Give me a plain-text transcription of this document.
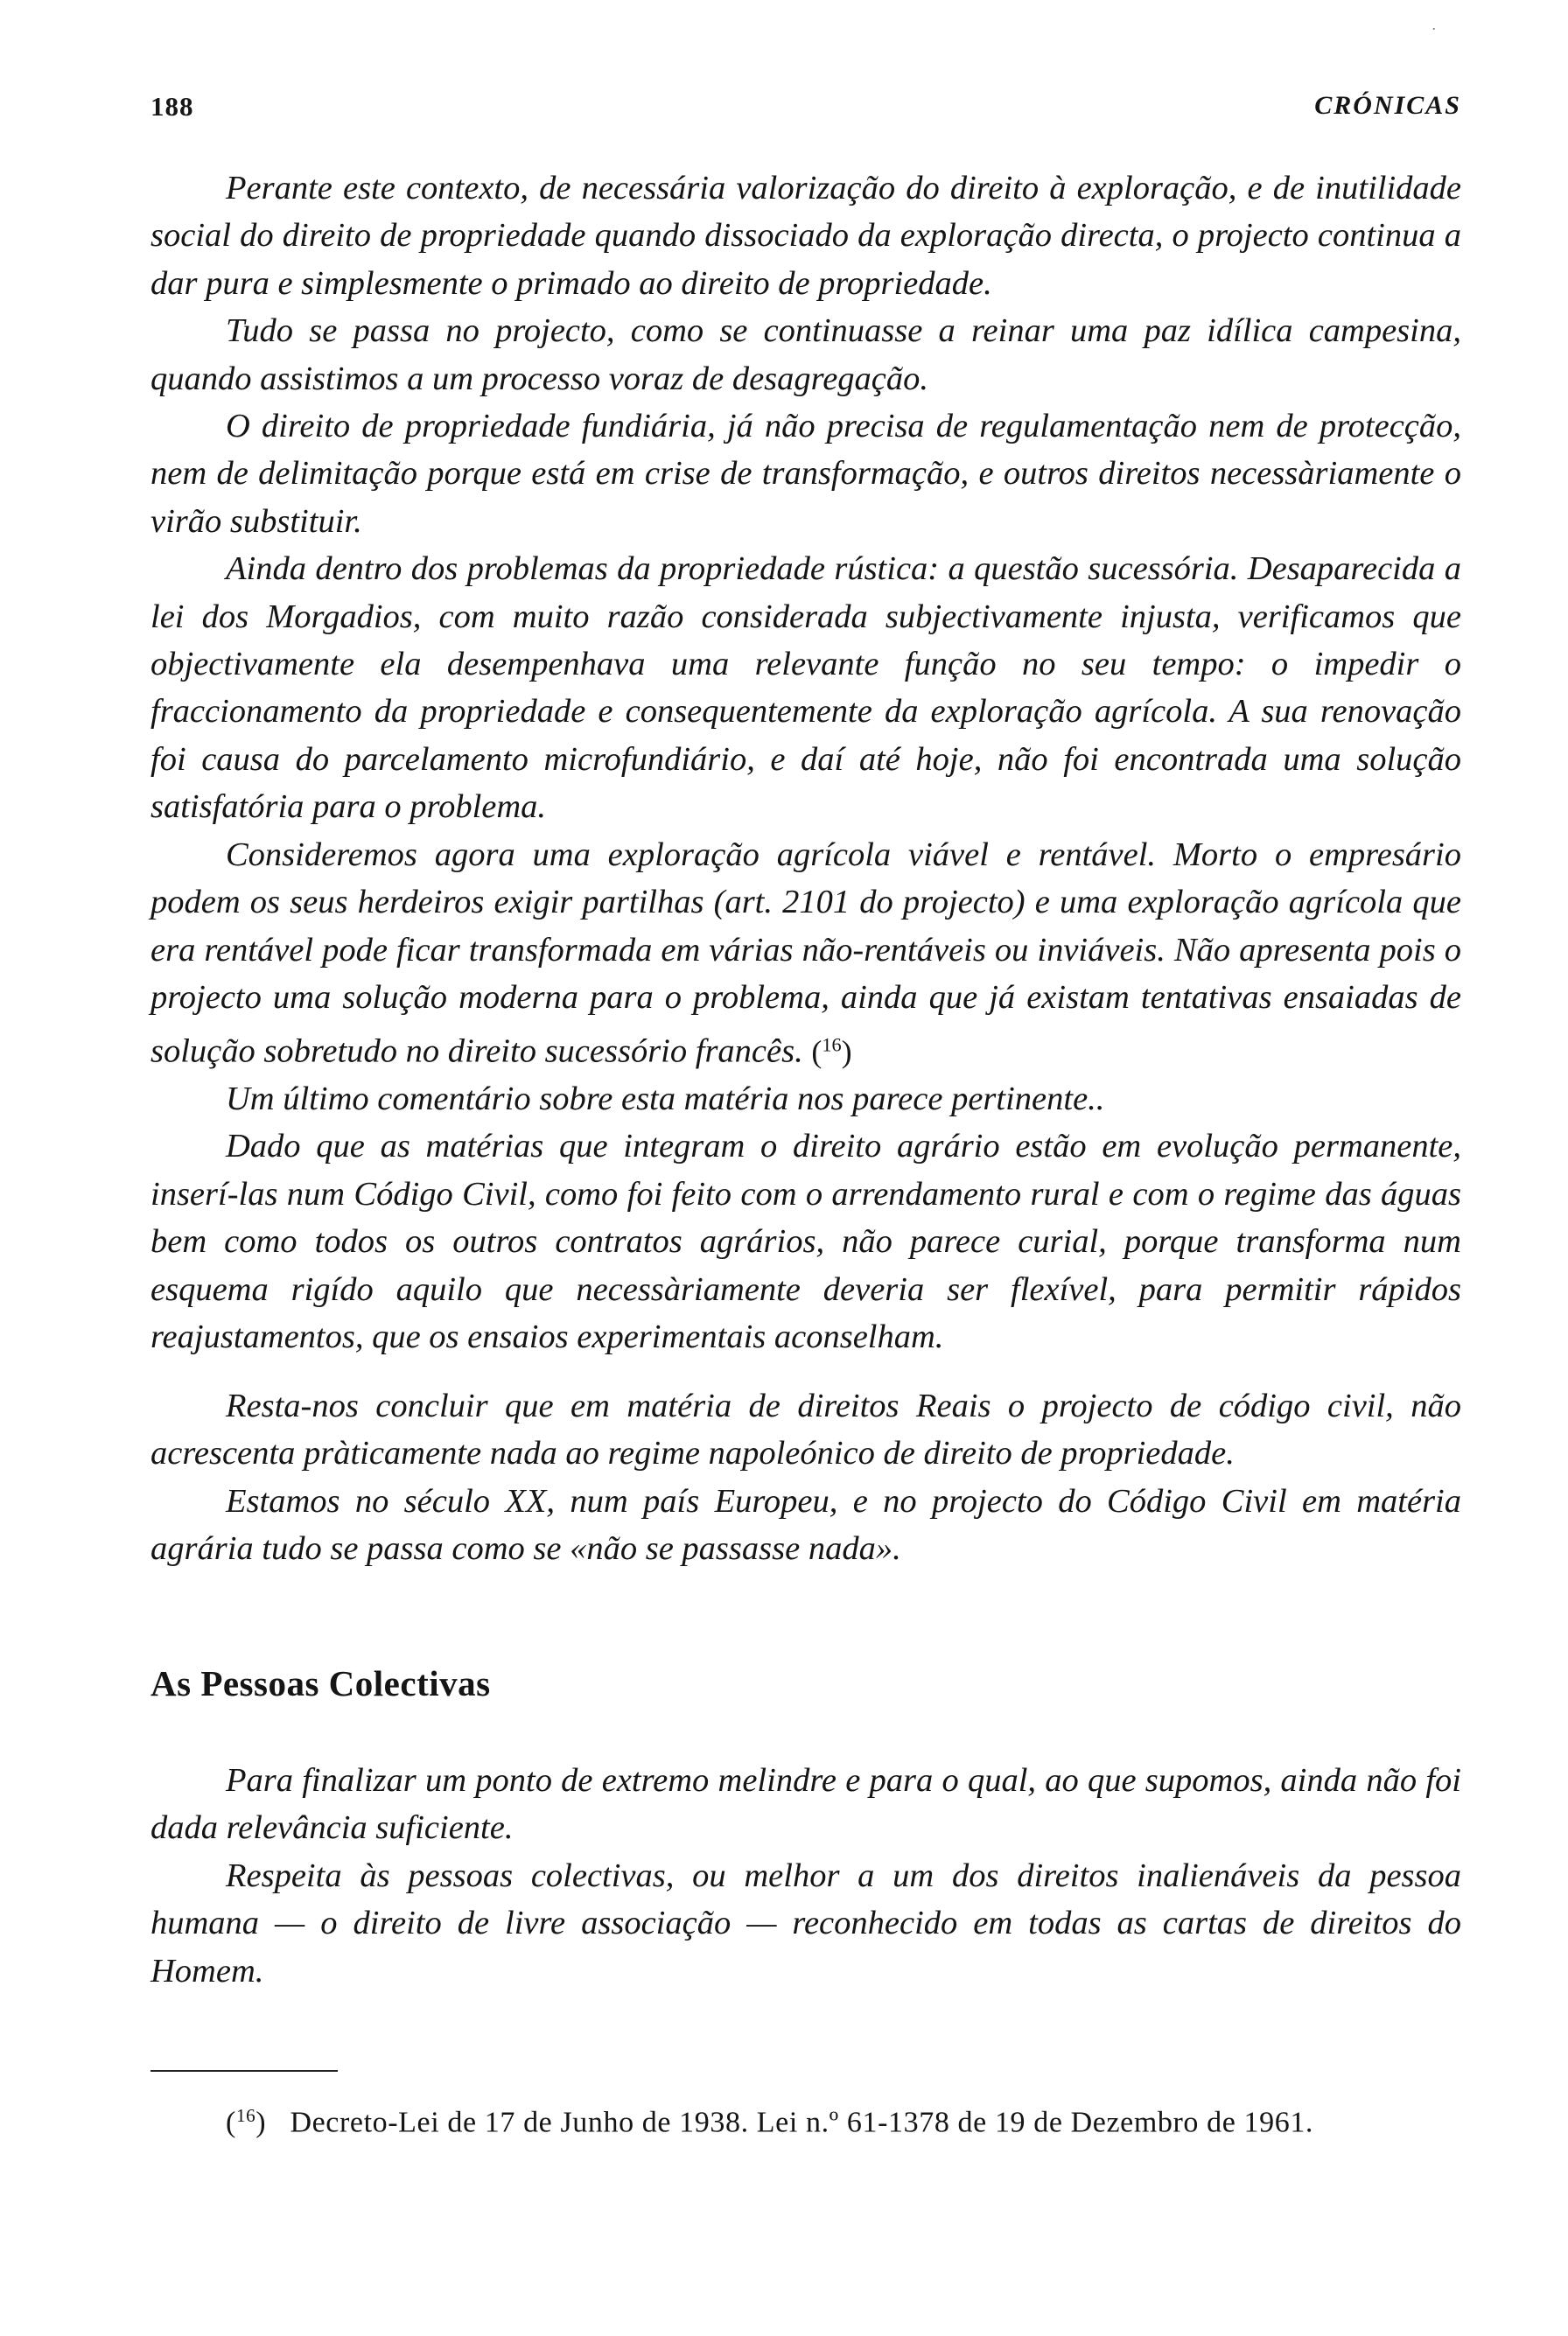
˙
188	CRÓNICAS

Perante este contexto, de necessária valorização do direito à exploração, e de inutilidade social do direito de propriedade quando dissociado da exploração directa, o projecto continua a dar pura e simplesmente o primado ao direito de propriedade.

Tudo se passa no projecto, como se continuasse a reinar uma paz idílica campesina, quando assistimos a um processo voraz de desagregação.

O direito de propriedade fundiária, já não precisa de regulamentação nem de protecção, nem de delimitação porque está em crise de transformação, e outros direitos necessàriamente o virão substituir.

Ainda dentro dos problemas da propriedade rústica: a questão sucessória. Desaparecida a lei dos Morgadios, com muito razão considerada subjectivamente injusta, verificamos que objectivamente ela desempenhava uma relevante função no seu tempo: o impedir o fraccionamento da propriedade e consequentemente da exploração agrícola. A sua renovação foi causa do parcelamento microfundiário, e daí até hoje, não foi encontrada uma solução satisfatória para o problema.

Consideremos agora uma exploração agrícola viável e rentável. Morto o empresário podem os seus herdeiros exigir partilhas (art. 2101 do projecto) e uma exploração agrícola que era rentável pode ficar transformada em várias não-rentáveis ou inviáveis. Não apresenta pois o projecto uma solução moderna para o problema, ainda que já existam tentativas ensaiadas de solução sobretudo no direito sucessório francês. ($^{16}$)

Um último comentário sobre esta matéria nos parece pertinente..

Dado que as matérias que integram o direito agrário estão em evolução permanente, inserí-las num Código Civil, como foi feito com o arrendamento rural e com o regime das águas bem como todos os outros contratos agrários, não parece curial, porque transforma num esquema rigído aquilo que necessàriamente deveria ser flexível, para permitir rápidos reajustamentos, que os ensaios experimentais aconselham.

Resta-nos concluir que em matéria de direitos Reais o projecto de código civil, não acrescenta pràticamente nada ao regime napoleónico de direito de propriedade.

Estamos no século XX, num país Europeu, e no projecto do Código Civil em matéria agrária tudo se passa como se «não se passasse nada».

As Pessoas Colectivas

Para finalizar um ponto de extremo melindre e para o qual, ao que supomos, ainda não foi dada relevância suficiente.

Respeita às pessoas colectivas, ou melhor a um dos direitos inalienáveis da pessoa humana — o direito de livre associação — reconhecido em todas as cartas de direitos do Homem.

($^{16}$)   Decreto-Lei de 17 de Junho de 1938. Lei n.º 61-1378 de 19 de Dezembro de 1961.
